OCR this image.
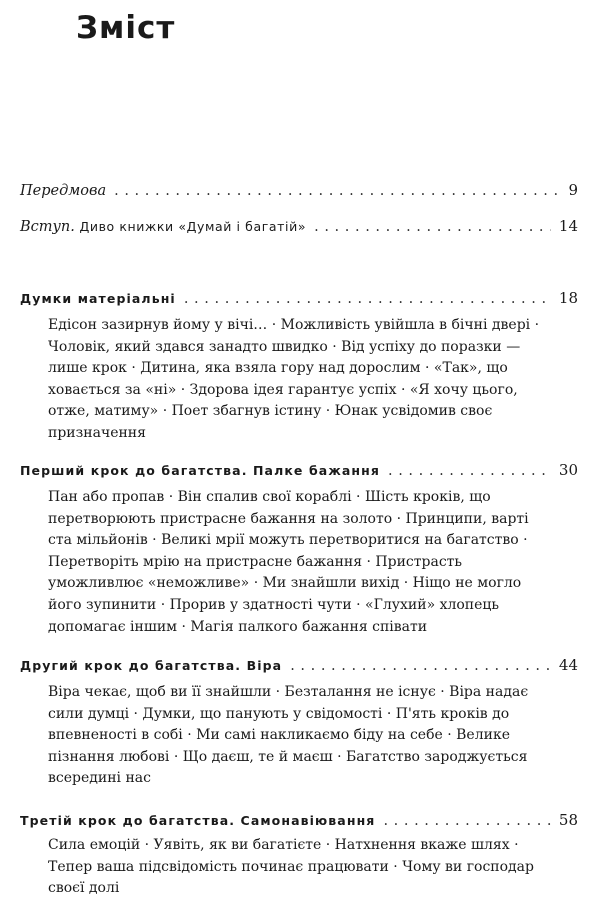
Зміст
Передмова . . .	9
Вступ. Диво книжки «Думай і багатій» . . .	14
Думки матеріальні . . .	18
Едісон зазирнув йому у вічі… · Можливість увійшла в бічні двері ·
Чоловік, який здався занадто швидко · Від успіху до поразки —
лише крок · Дитина, яка взяла гору над дорослим · «Так», що
ховається за «ні» · Здорова ідея гарантує успіх · «Я хочу цього,
отже, матиму» · Поет збагнув істину · Юнак усвідомив своє
призначення
Перший крок до багатства. Палке бажання . . .	30
Пан або пропав · Він спалив свої кораблі · Шість кроків, що
перетворюють пристрасне бажання на золото · Принципи, варті
ста мільйонів · Великі мрії можуть перетворитися на багатство ·
Перетворіть мрію на пристрасне бажання · Пристрасть
уможливлює «неможливе» · Ми знайшли вихід · Ніщо не могло
його зупинити · Прорив у здатності чути · «Глухий» хлопець
допомагає іншим · Магія палкого бажання співати
Другий крок до багатства. Віра . . .	44
Віра чекає, щоб ви її знайшли · Безталання не існує · Віра надає
сили думці · Думки, що панують у свідомості · П'ять кроків до
впевненості в собі · Ми самі накликаємо біду на себе · Велике
пізнання любові · Що даєш, те й маєш · Багатство зароджується
всередині нас
Третій крок до багатства. Самонавіювання . . .	58
Сила емоцій · Уявіть, як ви багатієте · Натхнення вкаже шлях ·
Тепер ваша підсвідомість починає працювати · Чому ви господар
своєї долі
